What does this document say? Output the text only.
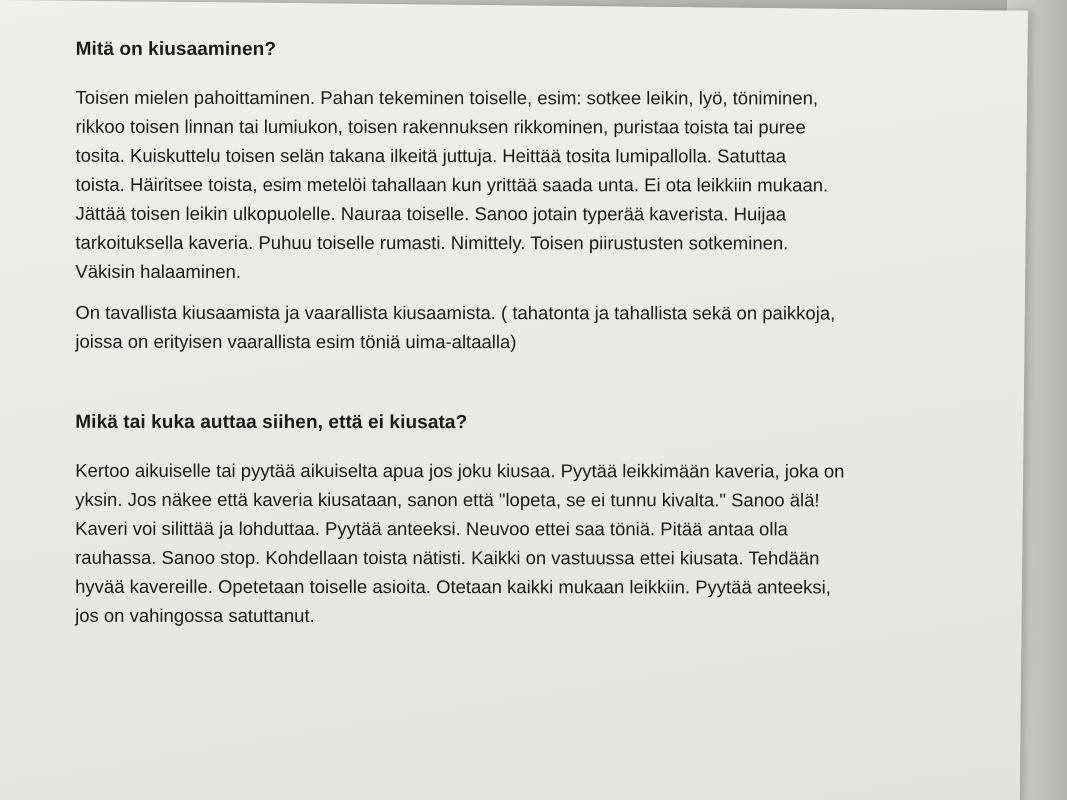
Mitä on kiusaaminen?

Toisen mielen pahoittaminen. Pahan tekeminen toiselle, esim: sotkee leikin, lyö, töniminen,
rikkoo toisen linnan tai lumiukon, toisen rakennuksen rikkominen, puristaa toista tai puree
tosita. Kuiskuttelu toisen selän takana ilkeitä juttuja. Heittää tosita lumipallolla. Satuttaa
toista. Häiritsee toista, esim metelöi tahallaan kun yrittää saada unta. Ei ota leikkiin mukaan.
Jättää toisen leikin ulkopuolelle. Nauraa toiselle. Sanoo jotain typerää kaverista. Huijaa
tarkoituksella kaveria. Puhuu toiselle rumasti. Nimittely. Toisen piirustusten sotkeminen.
Väkisin halaaminen.

On tavallista kiusaamista ja vaarallista kiusaamista. ( tahatonta ja tahallista sekä on paikkoja,
joissa on erityisen vaarallista esim töniä uima-altaalla)

Mikä tai kuka auttaa siihen, että ei kiusata?

Kertoo aikuiselle tai pyytää aikuiselta apua jos joku kiusaa. Pyytää leikkimään kaveria, joka on
yksin. Jos näkee että kaveria kiusataan, sanon että "lopeta, se ei tunnu kivalta." Sanoo älä!
Kaveri voi silittää ja lohduttaa. Pyytää anteeksi. Neuvoo ettei saa töniä. Pitää antaa olla
rauhassa. Sanoo stop. Kohdellaan toista nätisti. Kaikki on vastuussa ettei kiusata. Tehdään
hyvää kavereille. Opetetaan toiselle asioita. Otetaan kaikki mukaan leikkiin. Pyytää anteeksi,
jos on vahingossa satuttanut.
